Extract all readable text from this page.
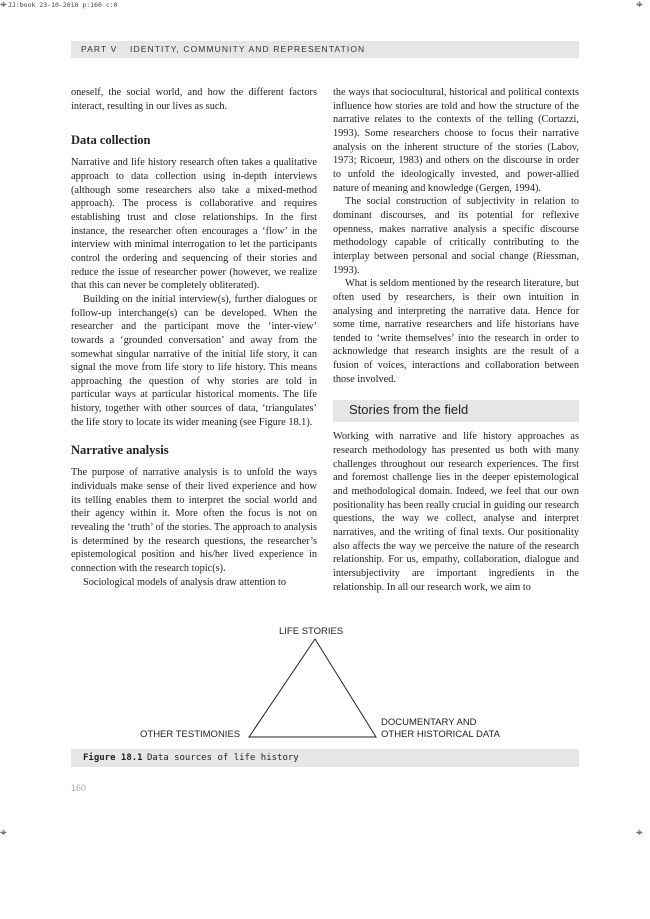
JJ:book 23-10-2010 p:160 c:0
⌖	⌖
⌖	⌖
PART V IDENTITY, COMMUNITY AND REPRESENTATION

oneself, the social world, and how the different factors interact, resulting in our lives as such.

Data collection

Narrative and life history research often takes a qualitative approach to data collection using in-depth interviews (although some researchers also take a mixed-method approach). The process is collaborative and requires establishing trust and close relationships. In the first instance, the researcher often encourages a ‘flow’ in the interview with minimal interrogation to let the participants control the ordering and sequencing of their stories and reduce the issue of researcher power (however, we realize that this can never be completely obliterated).

Building on the initial interview(s), further dialogues or follow-up interchange(s) can be developed. When the researcher and the participant move the ‘inter-view’ towards a ‘grounded conversation’ and away from the somewhat singular narrative of the initial life story, it can signal the move from life story to life history. This means approaching the question of why stories are told in particular ways at particular historical moments. The life history, together with other sources of data, ‘triangulates’ the life story to locate its wider meaning (see Figure 18.1).

Narrative analysis

The purpose of narrative analysis is to unfold the ways individuals make sense of their lived experience and how its telling enables them to interpret the social world and their agency within it. More often the focus is not on revealing the ‘truth’ of the stories. The approach to analysis is determined by the research questions, the researcher’s epistemological position and his/her lived experience in connection with the research topic(s).

Sociological models of analysis draw attention to

the ways that sociocultural, historical and political contexts influence how stories are told and how the structure of the narrative relates to the contexts of the telling (Cortazzi, 1993). Some researchers choose to focus their narrative analysis on the inherent structure of the stories (Labov, 1973; Ricoeur, 1983) and others on the discourse in order to unfold the ideologically invested, and power-allied nature of meaning and knowledge (Gergen, 1994).

The social construction of subjectivity in relation to dominant discourses, and its potential for reflexive openness, makes narrative analysis a specific discourse methodology capable of critically contributing to the interplay between personal and social change (Riessman, 1993).

What is seldom mentioned by the research literature, but often used by researchers, is their own intuition in analysing and interpreting the narrative data. Hence for some time, narrative researchers and life historians have tended to ‘write themselves’ into the research in order to acknowledge that research insights are the result of a fusion of voices, interactions and collaboration between those involved.

Stories from the field

Working with narrative and life history approaches as research methodology has presented us both with many challenges throughout our research experiences. The first and foremost challenge lies in the deeper epistemological and methodological domain. Indeed, we feel that our own positionality has been really crucial in guiding our research questions, the way we collect, analyse and interpret narratives, and the writing of final texts. Our positionality also affects the way we perceive the nature of the research relationship. For us, empathy, collaboration, dialogue and intersubjectivity are important ingredients in the relationship. In all our research work, we aim to

LIFE STORIES
OTHER TESTIMONIES
DOCUMENTARY AND
OTHER HISTORICAL DATA
Figure 18.1 Data sources of life history
160
